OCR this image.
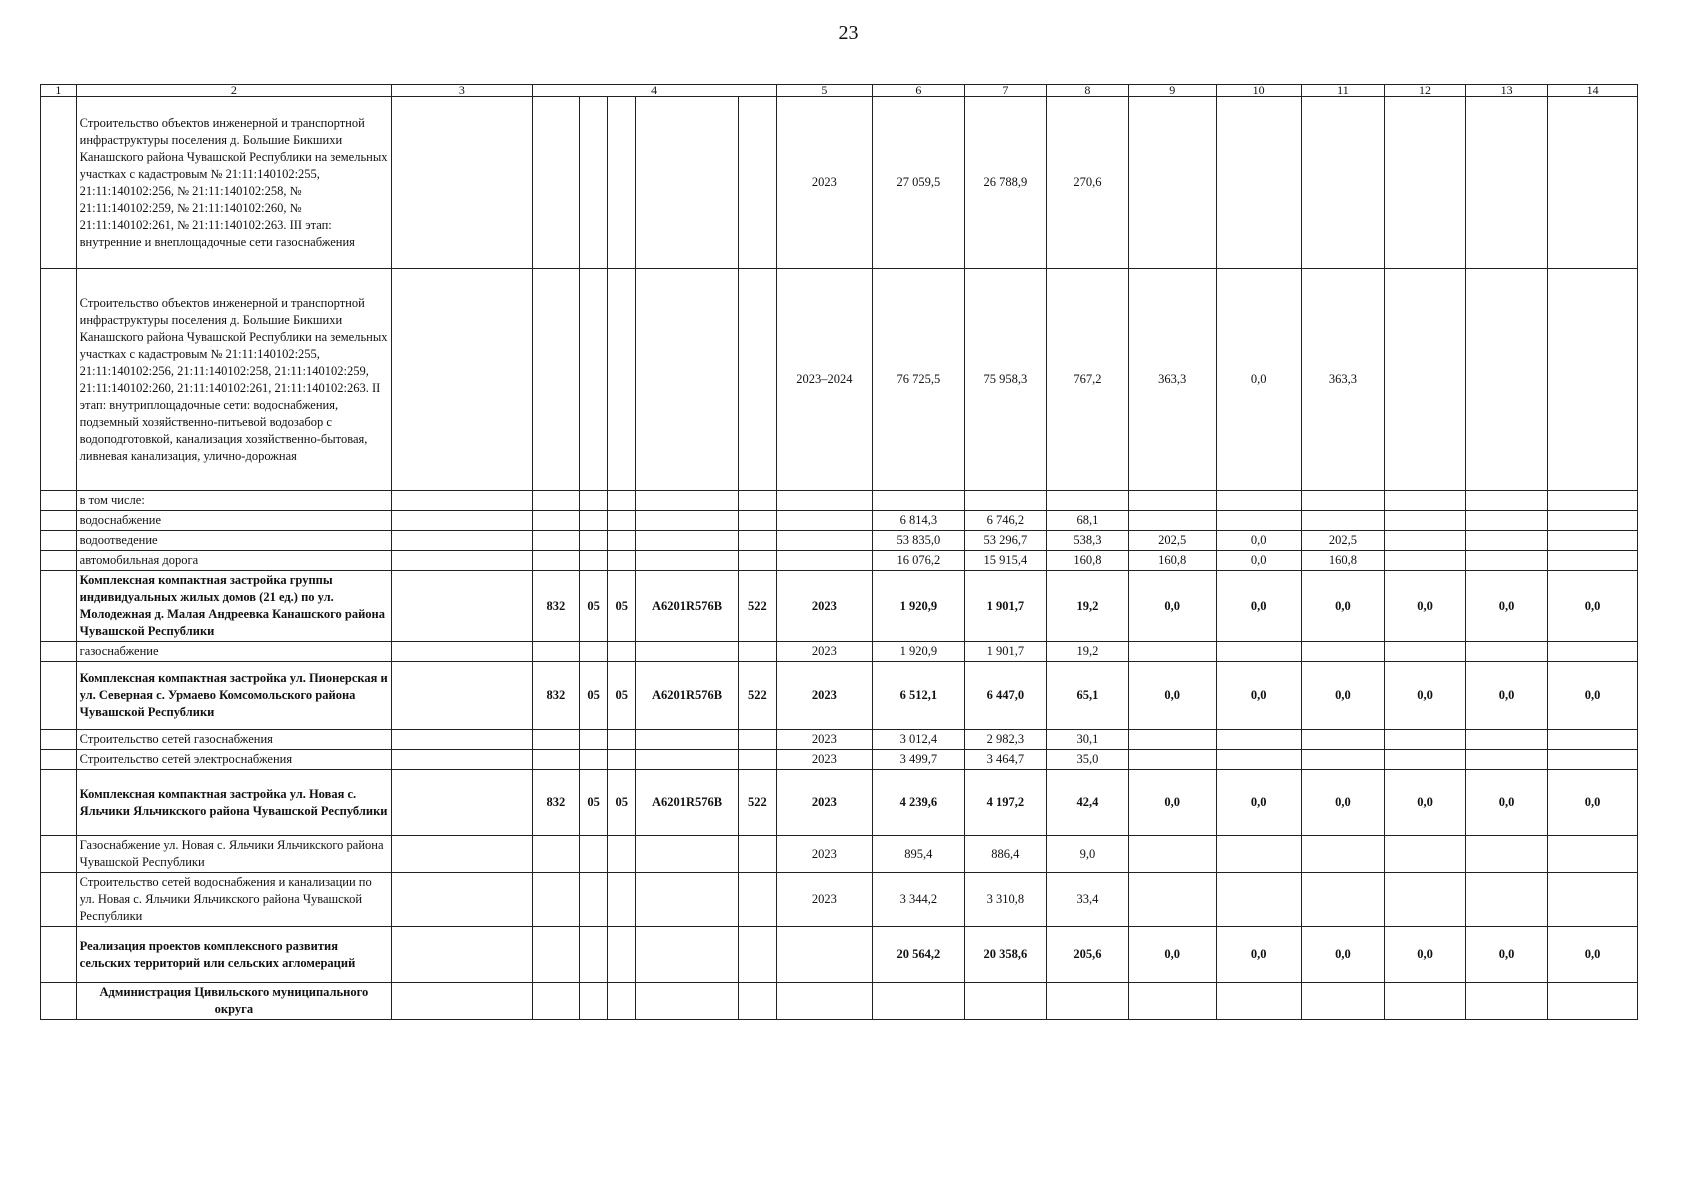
23
1	2	3	4					5	6	7	8	9	10	11	12	13	14
	Строительство объектов инженерной и транспортной инфраструктуры поселения д. Большие Бикшихи Канашского района Чувашской Республики на земельных участках с кадастровым № 21:11:140102:255, 21:11:140102:256, № 21:11:140102:258, № 21:11:140102:259, № 21:11:140102:260, № 21:11:140102:261, № 21:11:140102:263. III этап: внутренние и внеплощадочные сети газоснабжения							2023	27 059,5	26 788,9	270,6						
	Строительство объектов инженерной и транспортной инфраструктуры поселения д. Большие Бикшихи Канашского района Чувашской Республики на земельных участках с кадастровым № 21:11:140102:255, 21:11:140102:256, 21:11:140102:258, 21:11:140102:259, 21:11:140102:260, 21:11:140102:261, 21:11:140102:263. II этап: внутриплощадочные сети: водоснабжения, подземный хозяйственно-питьевой водозабор с водоподготовкой, канализация хозяйственно-бытовая, ливневая канализация, улично-дорожная							2023–2024	76 725,5	75 958,3	767,2	363,3	0,0	363,3			
	в том числе:																
	водоснабжение								6 814,3	6 746,2	68,1						
	водоотведение								53 835,0	53 296,7	538,3	202,5	0,0	202,5			
	автомобильная дорога								16 076,2	15 915,4	160,8	160,8	0,0	160,8			
	Комплексная компактная застройка группы индивидуальных жилых домов (21 ед.) по ул. Молодежная д. Малая Андреевка Канашского района Чувашской Республики		832	05	05	A6201R576B	522	2023	1 920,9	1 901,7	19,2	0,0	0,0	0,0	0,0	0,0	0,0
	газоснабжение							2023	1 920,9	1 901,7	19,2						
	Комплексная компактная застройка ул. Пионерская и ул. Северная с. Урмаево Комсомольского района Чувашской Республики		832	05	05	A6201R576B	522	2023	6 512,1	6 447,0	65,1	0,0	0,0	0,0	0,0	0,0	0,0
	Строительство сетей газоснабжения							2023	3 012,4	2 982,3	30,1						
	Строительство сетей электроснабжения							2023	3 499,7	3 464,7	35,0						
	Комплексная компактная застройка ул. Новая с. Яльчики Яльчикского района Чувашской Республики		832	05	05	A6201R576B	522	2023	4 239,6	4 197,2	42,4	0,0	0,0	0,0	0,0	0,0	0,0
	Газоснабжение ул. Новая с. Яльчики Яльчикского района Чувашской Республики							2023	895,4	886,4	9,0						
	Строительство сетей водоснабжения и канализации по ул. Новая с. Яльчики Яльчикского района Чувашской Республики							2023	3 344,2	3 310,8	33,4						
	Реализация проектов комплексного развития сельских территорий или сельских агломераций								20 564,2	20 358,6	205,6	0,0	0,0	0,0	0,0	0,0	0,0
	Администрация Цивильского муниципального округа																
